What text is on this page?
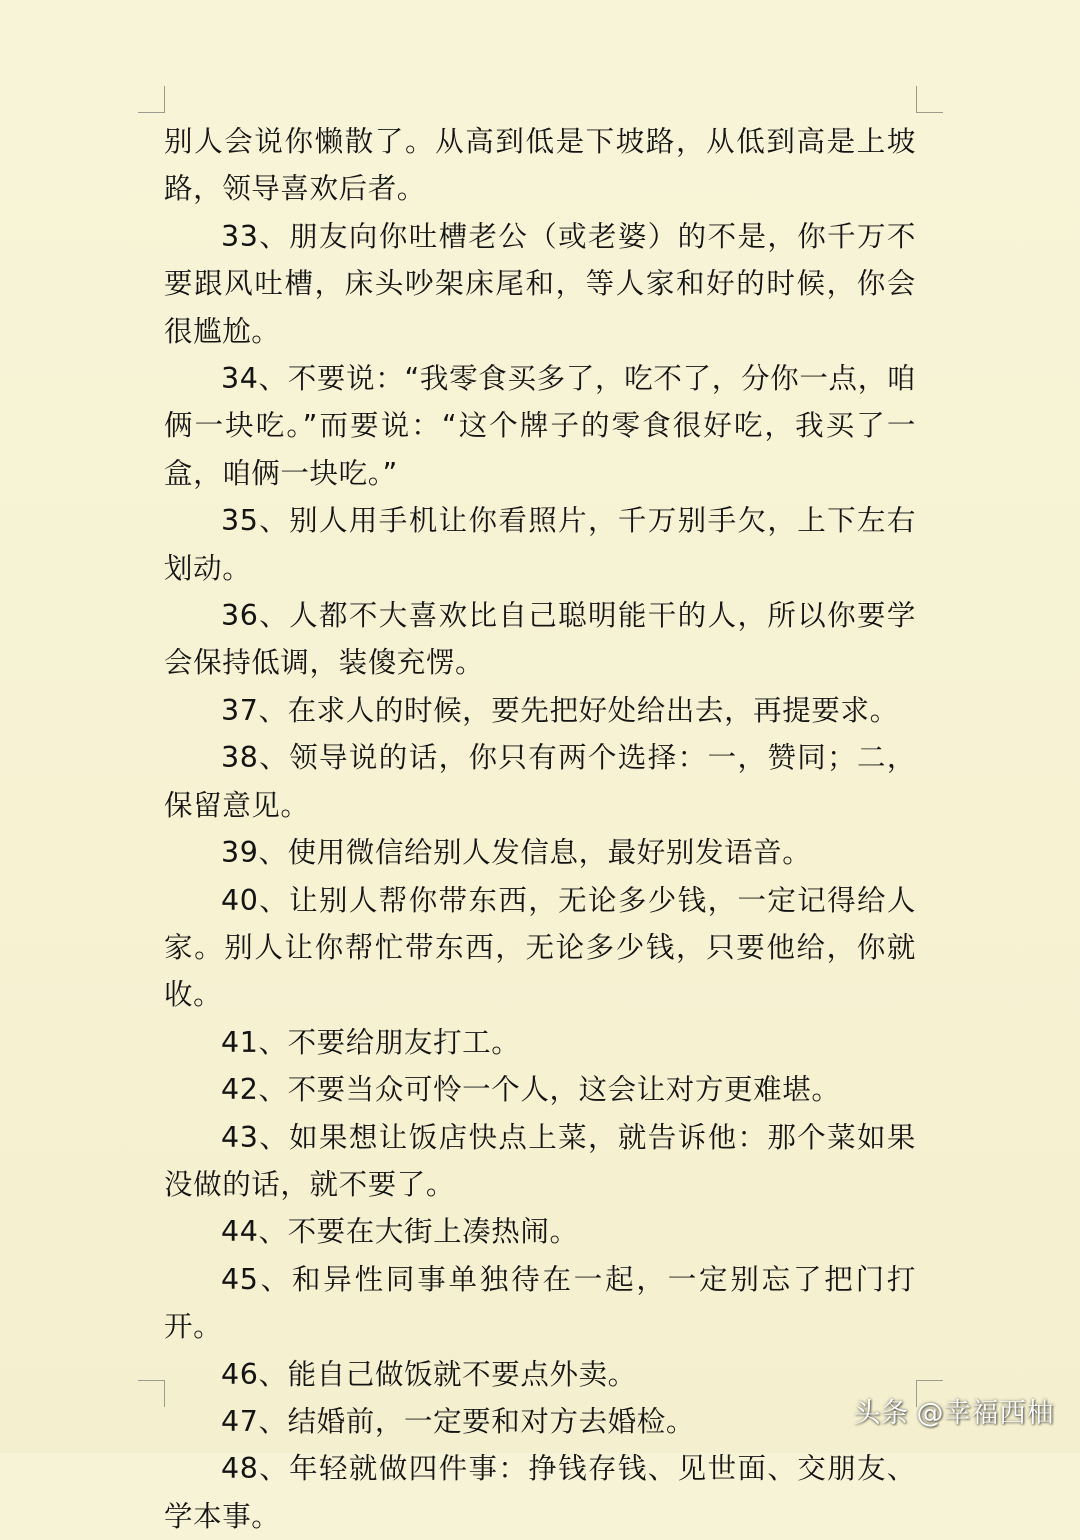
别人会说你懒散了。从高到低是下坡路，从低到高是上坡路，领导喜欢后者。

33、朋友向你吐槽老公（或老婆）的不是，你千万不要跟风吐槽，床头吵架床尾和，等人家和好的时候，你会很尴尬。

34、不要说：“我零食买多了，吃不了，分你一点，咱俩一块吃。”而要说：“这个牌子的零食很好吃，我买了一盒，咱俩一块吃。”

35、别人用手机让你看照片，千万别手欠，上下左右划动。

36、人都不大喜欢比自己聪明能干的人，所以你要学会保持低调，装傻充愣。

37、在求人的时候，要先把好处给出去，再提要求。

38、领导说的话，你只有两个选择：一，赞同；二，保留意见。

39、使用微信给别人发信息，最好别发语音。

40、让别人帮你带东西，无论多少钱，一定记得给人家。别人让你帮忙带东西，无论多少钱，只要他给，你就收。

41、不要给朋友打工。

42、不要当众可怜一个人，这会让对方更难堪。

43、如果想让饭店快点上菜，就告诉他：那个菜如果没做的话，就不要了。

44、不要在大街上凑热闹。

45、和异性同事单独待在一起，一定别忘了把门打开。

46、能自己做饭就不要点外卖。

47、结婚前，一定要和对方去婚检。

48、年轻就做四件事：挣钱存钱、见世面、交朋友、学本事。

头条 @幸福西柚
